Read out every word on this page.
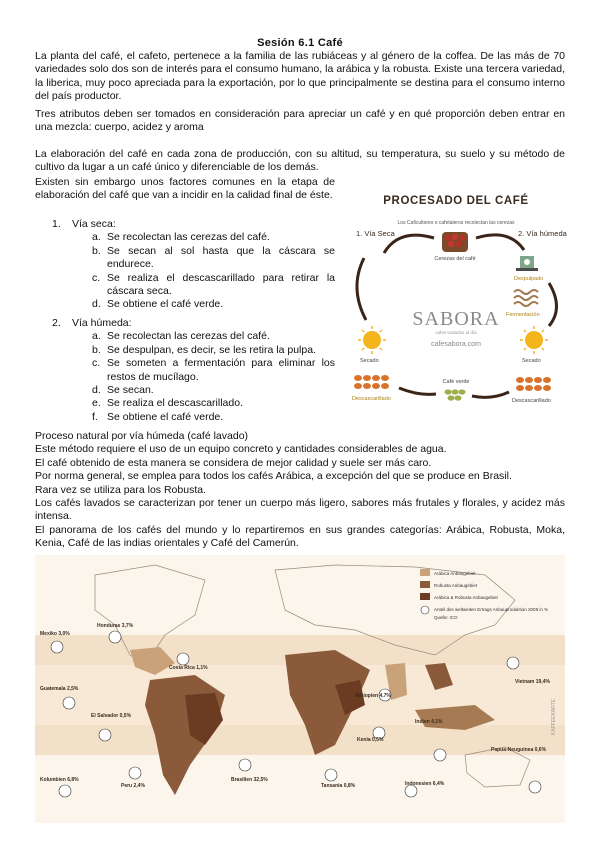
Sesión 6.1 Café

La planta del café, el cafeto, pertenece a la familia de las rubiáceas y al género de la coffea. De las más de 70 variedades solo dos son de interés para el consumo humano, la arábica y la robusta. Existe una tercera variedad, la liberica, muy poco apreciada para la exportación, por lo que principalmente se destina para el consumo interno del país productor.

Tres atributos deben ser tomados en consideración para apreciar un café y en qué proporción deben entrar en una mezcla: cuerpo, acidez y aroma

La elaboración del café en cada zona de producción, con su altitud, su temperatura, su suelo y su método de cultivo da lugar a un café único y diferenciable de los demás.

Existen sin embargo unos factores comunes en la etapa de elaboración del café que van a incidir en la calidad final de éste.

1. Vía seca:
a. Se recolectan las cerezas del café.
b. Se secan al sol hasta que la cáscara se endurece.
c. Se realiza el descascarillado para retirar la cáscara seca.
d. Se obtiene el café verde.
2. Vía húmeda:
a. Se recolectan las cerezas del café.
b. Se despulpan, es decir, se les retira la pulpa.
c. Se someten a fermentación para eliminar los restos de mucílago.
d. Se secan.
e. Se realiza el descascarillado.
f. Se obtiene el café verde.
Proceso natural por vía húmeda (café lavado)
Este método requiere el uso de un equipo concreto y cantidades considerables de agua.
El café obtenido de esta manera se considera de mejor calidad y suele ser más caro.
Por norma general, se emplea para todos los cafés Arábica, a excepción del que se produce en Brasil.
Rara vez se utiliza para los Robusta.
Los cafés lavados se caracterizan por tener un cuerpo más ligero, sabores más frutales y florales, y acidez más intensa.
El panorama de los cafés del mundo y lo repartiremos en sus grandes categorías: Arábica, Robusta, Moka, Kenia, Café de las indias orientales y Café del Camerún.
PROCESADO DEL CAFÉ
Los Caficultores o cafetaleros recolectan las cerezas
1. Vía Seca	2. Vía húmeda
Cerezas del café
Despulpado
Fermentación
Secado
Secado
Descascarillado	Descascarillado
Café verde
SABORA
cafes tostados al día
cafesabora.com
Arábica Anbaugebiet
Robusta Anbaugebiet
Arábica & Robusta Anbaugebiet
Anteil des weltweiten Ertrags Anbauproduktion 2008 in %
Quelle: ICO
KAFFEEKARTE
Mexiko 3,0%
Honduras 3,7%
Guatemala 2,5%
Costa Rica 1,1%
El Salvador 0,5%
Kolumbien 6,8%
Peru 2,4%
Brasilien 32,5%
Äthiopien 4,7%
Kenia 0,5%
Tansania 0,8%
Indien 4,1%
Vietnam 19,4%
Indonesien 6,4%
Papua-Neuguinea 0,6%
